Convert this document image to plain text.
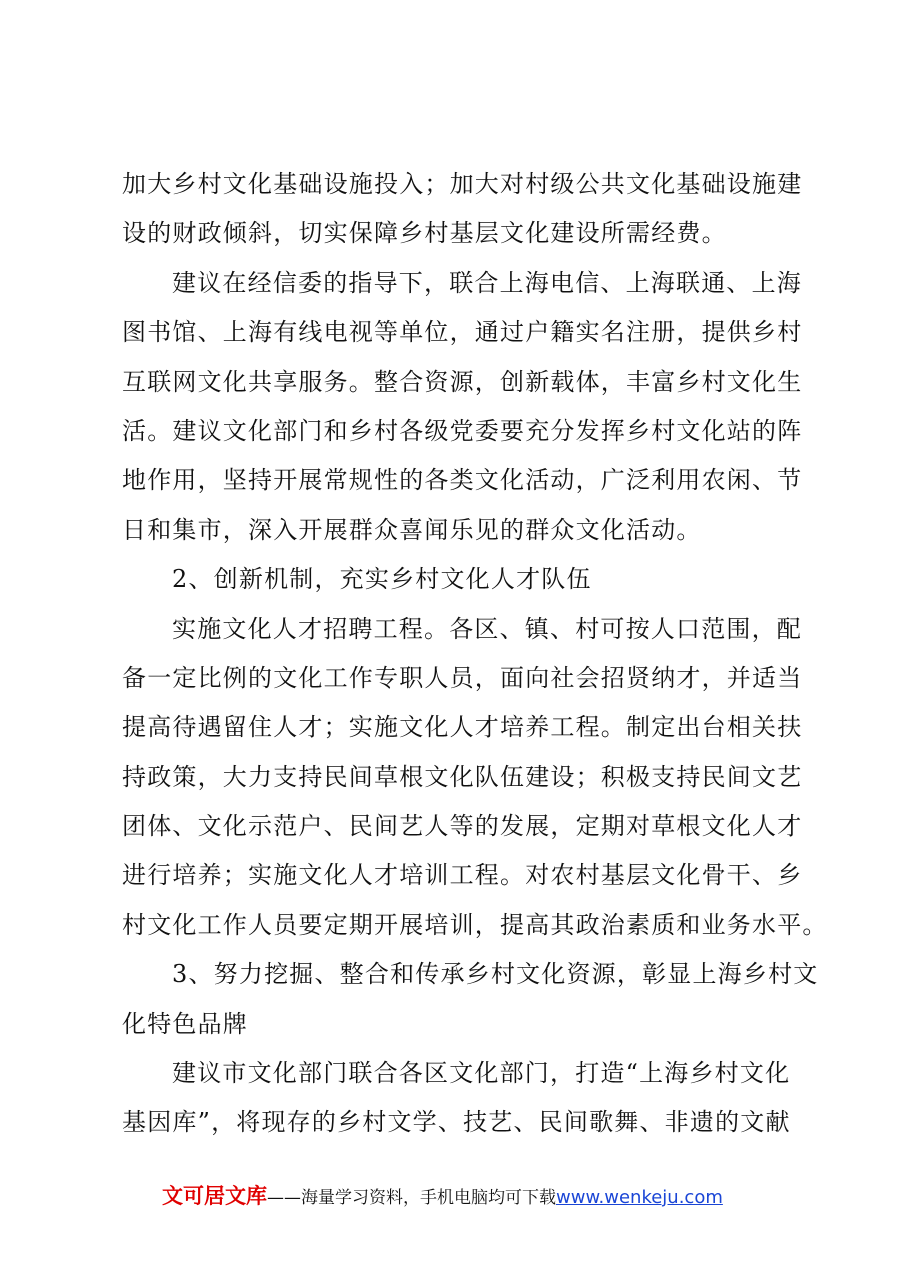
加大乡村文化基础设施投入；加大对村级公共文化基础设施建
设的财政倾斜，切实保障乡村基层文化建设所需经费。
建议在经信委的指导下，联合上海电信、上海联通、上海
图书馆、上海有线电视等单位，通过户籍实名注册，提供乡村
互联网文化共享服务。整合资源，创新载体，丰富乡村文化生
活。建议文化部门和乡村各级党委要充分发挥乡村文化站的阵
地作用，坚持开展常规性的各类文化活动，广泛利用农闲、节
日和集市，深入开展群众喜闻乐见的群众文化活动。
2、创新机制，充实乡村文化人才队伍
实施文化人才招聘工程。各区、镇、村可按人口范围，配
备一定比例的文化工作专职人员，面向社会招贤纳才，并适当
提高待遇留住人才；实施文化人才培养工程。制定出台相关扶
持政策，大力支持民间草根文化队伍建设；积极支持民间文艺
团体、文化示范户、民间艺人等的发展，定期对草根文化人才
进行培养；实施文化人才培训工程。对农村基层文化骨干、乡
村文化工作人员要定期开展培训，提高其政治素质和业务水平。
3、努力挖掘、整合和传承乡村文化资源，彰显上海乡村文
化特色品牌
建议市文化部门联合各区文化部门，打造“上海乡村文化
基因库”，将现存的乡村文学、技艺、民间歌舞、非遗的文献
文可居文库——海量学习资料，手机电脑均可下载www.wenkeju.com
